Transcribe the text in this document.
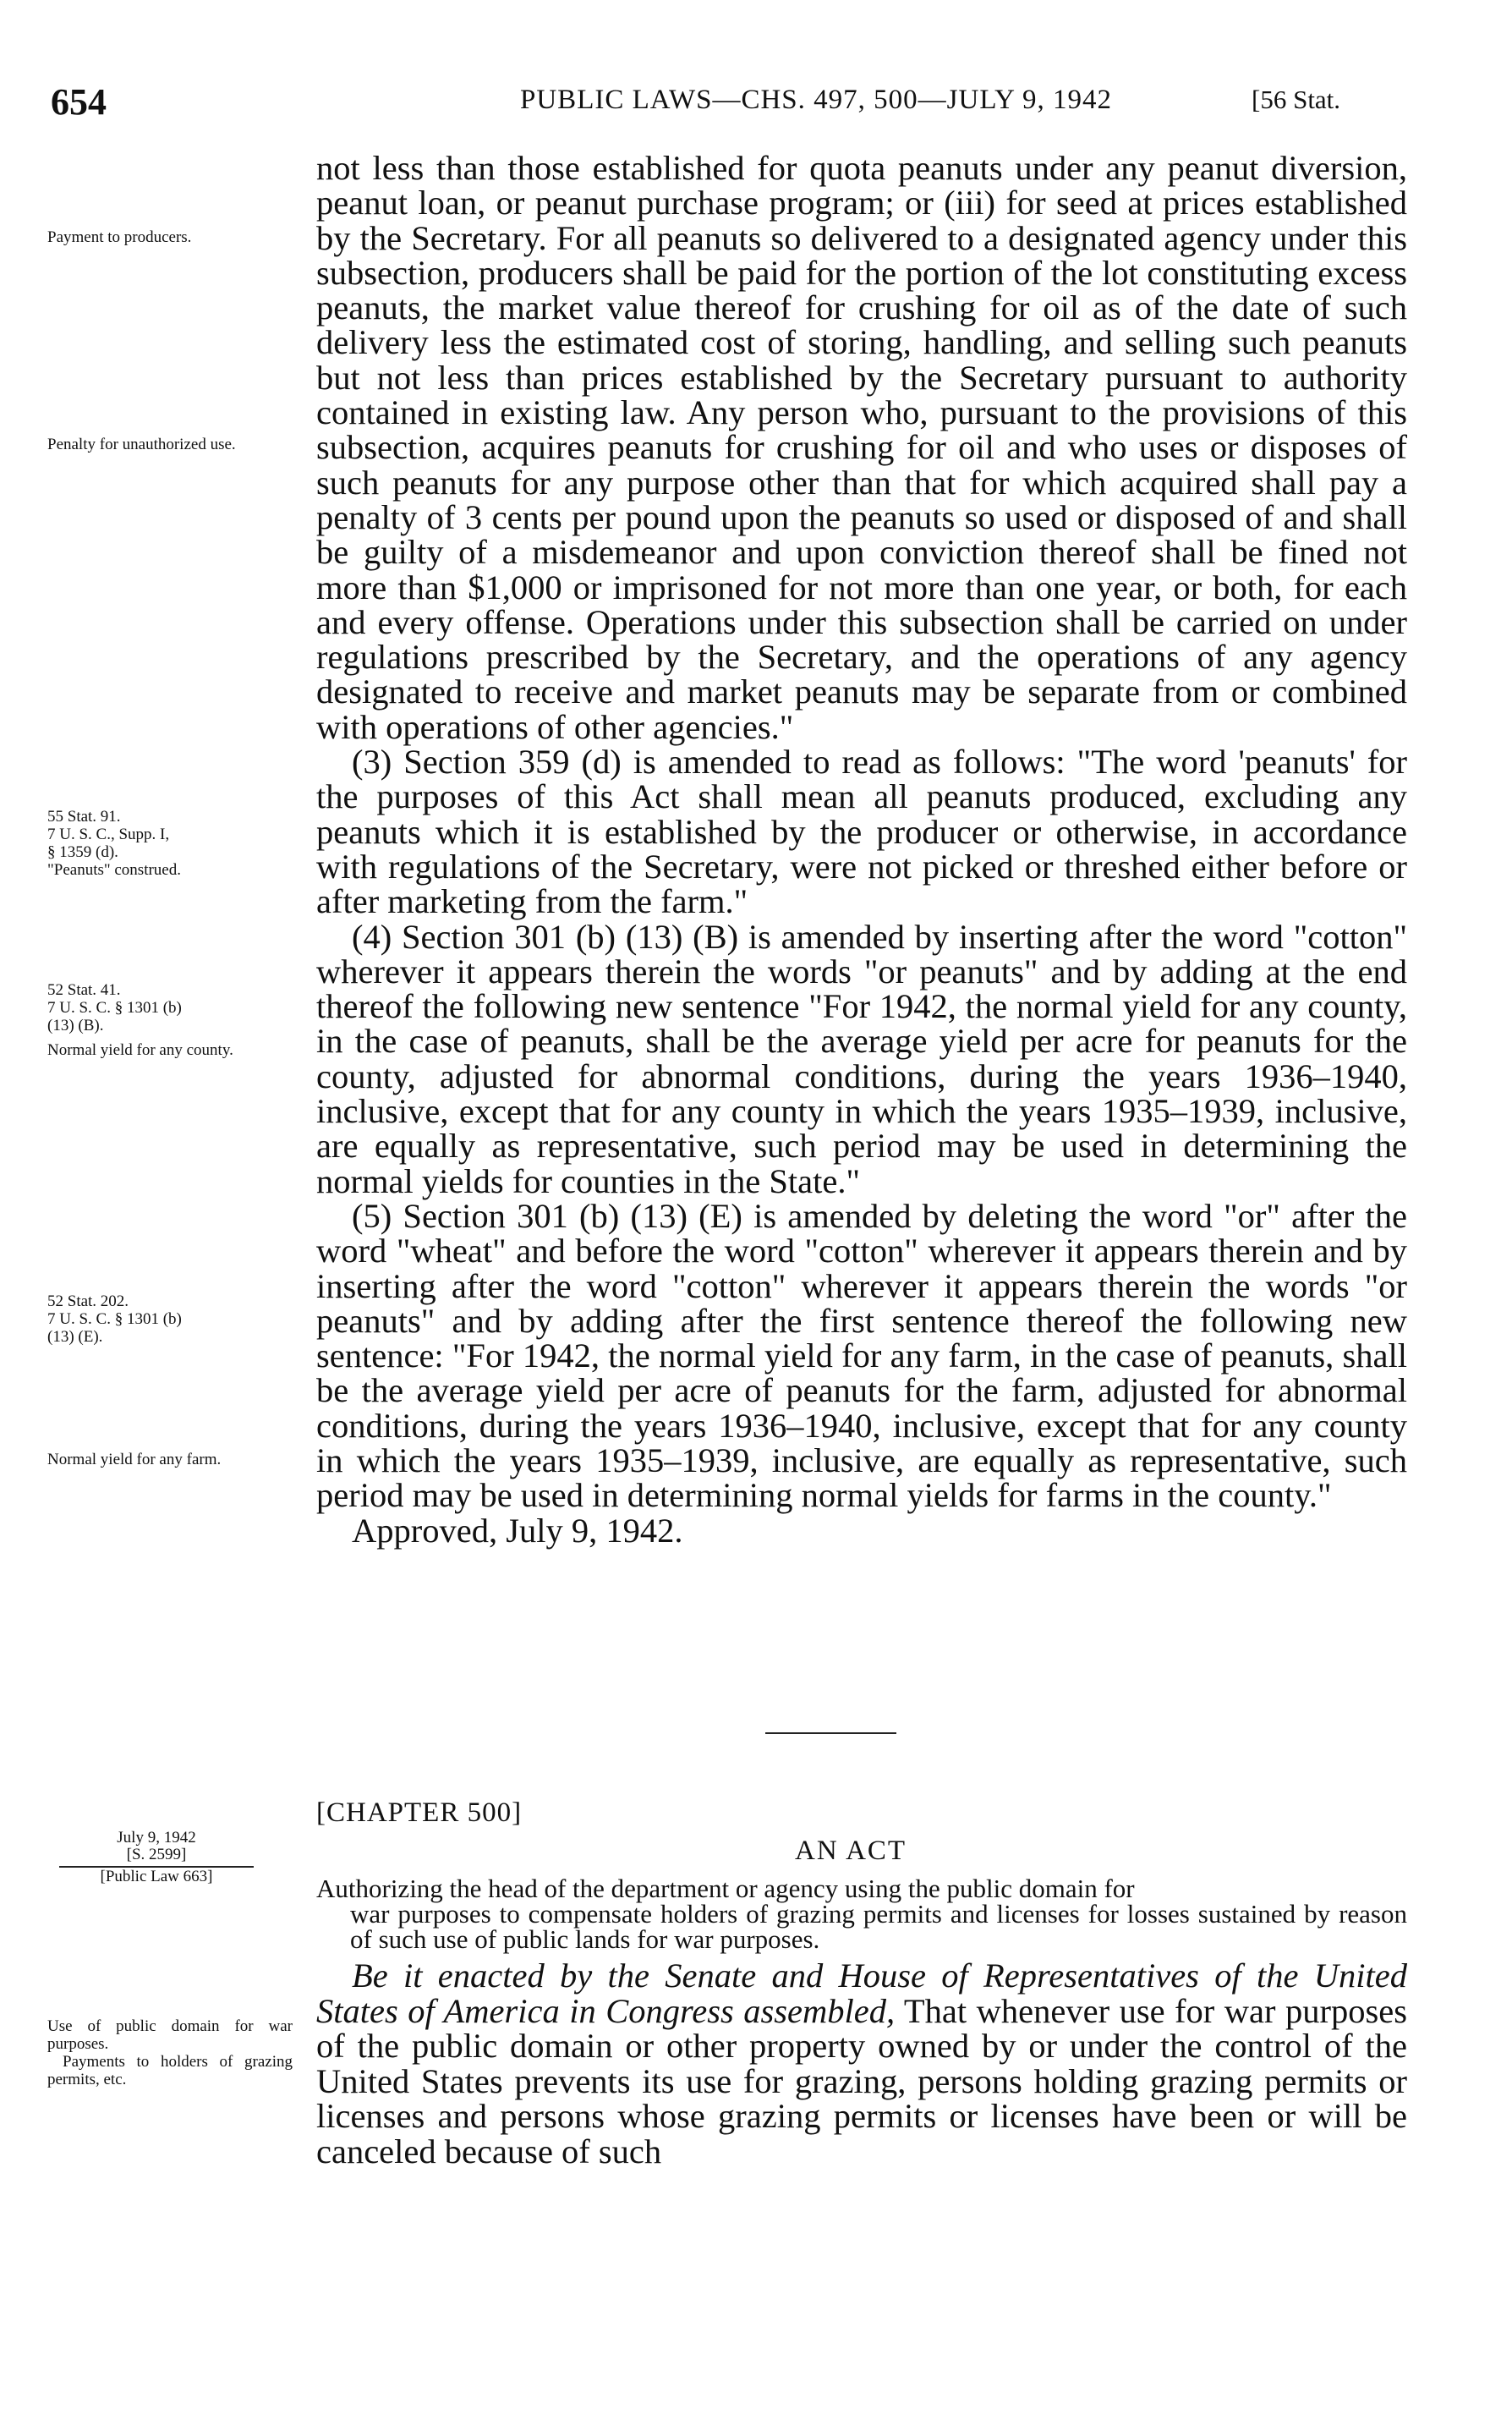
654	PUBLIC LAWS—CHS. 497, 500—JULY 9, 1942	[56 Stat.
Payment to producers.
Penalty for unauthorized use.
55 Stat. 91.
7 U. S. C., Supp. I,
§ 1359 (d).
"Peanuts" construed.
52 Stat. 41.
7 U. S. C. § 1301 (b)
(13) (B).
Normal yield for any county.
52 Stat. 202.
7 U. S. C. § 1301 (b)
(13) (E).
Normal yield for any farm.
Use of public domain for war purposes.
Payments to holders of grazing permits, etc.

not less than those established for quota peanuts under any peanut diversion, peanut loan, or peanut purchase program; or (iii) for seed at prices established by the Secretary. For all peanuts so delivered to a designated agency under this subsection, producers shall be paid for the portion of the lot constituting excess peanuts, the market value thereof for crushing for oil as of the date of such delivery less the estimated cost of storing, handling, and selling such peanuts but not less than prices established by the Secretary pursuant to authority contained in existing law. Any person who, pursuant to the provisions of this subsection, acquires peanuts for crushing for oil and who uses or disposes of such peanuts for any purpose other than that for which acquired shall pay a penalty of 3 cents per pound upon the peanuts so used or disposed of and shall be guilty of a misdemeanor and upon conviction thereof shall be fined not more than $1,000 or imprisoned for not more than one year, or both, for each and every offense. Operations under this subsection shall be carried on under regulations prescribed by the Secretary, and the operations of any agency designated to receive and market peanuts may be separate from or combined with operations of other agencies."

(3) Section 359 (d) is amended to read as follows: "The word 'peanuts' for the purposes of this Act shall mean all peanuts produced, excluding any peanuts which it is established by the producer or otherwise, in accordance with regulations of the Secretary, were not picked or threshed either before or after marketing from the farm."

(4) Section 301 (b) (13) (B) is amended by inserting after the word "cotton" wherever it appears therein the words "or peanuts" and by adding at the end thereof the following new sentence "For 1942, the normal yield for any county, in the case of peanuts, shall be the average yield per acre for peanuts for the county, adjusted for abnormal conditions, during the years 1936–1940, inclusive, except that for any county in which the years 1935–1939, inclusive, are equally as representative, such period may be used in determining the normal yields for counties in the State."

(5) Section 301 (b) (13) (E) is amended by deleting the word "or" after the word "wheat" and before the word "cotton" wherever it appears therein and by inserting after the word "cotton" wherever it appears therein the words "or peanuts" and by adding after the first sentence thereof the following new sentence: "For 1942, the normal yield for any farm, in the case of peanuts, shall be the average yield per acre of peanuts for the farm, adjusted for abnormal conditions, during the years 1936–1940, inclusive, except that for any county in which the years 1935–1939, inclusive, are equally as representative, such period may be used in determining normal yields for farms in the county."

Approved, July 9, 1942.

[CHAPTER 500]
AN ACT
July 9, 1942
[S. 2599]
[Public Law 663]	Authorizing the head of the department or agency using the public domain for
war purposes to compensate holders of grazing permits and licenses for losses sustained by reason of such use of public lands for war purposes.

Be it enacted by the Senate and House of Representatives of the United States of America in Congress assembled, That whenever use for war purposes of the public domain or other property owned by or under the control of the United States prevents its use for grazing, persons holding grazing permits or licenses and persons whose grazing permits or licenses have been or will be canceled because of such
